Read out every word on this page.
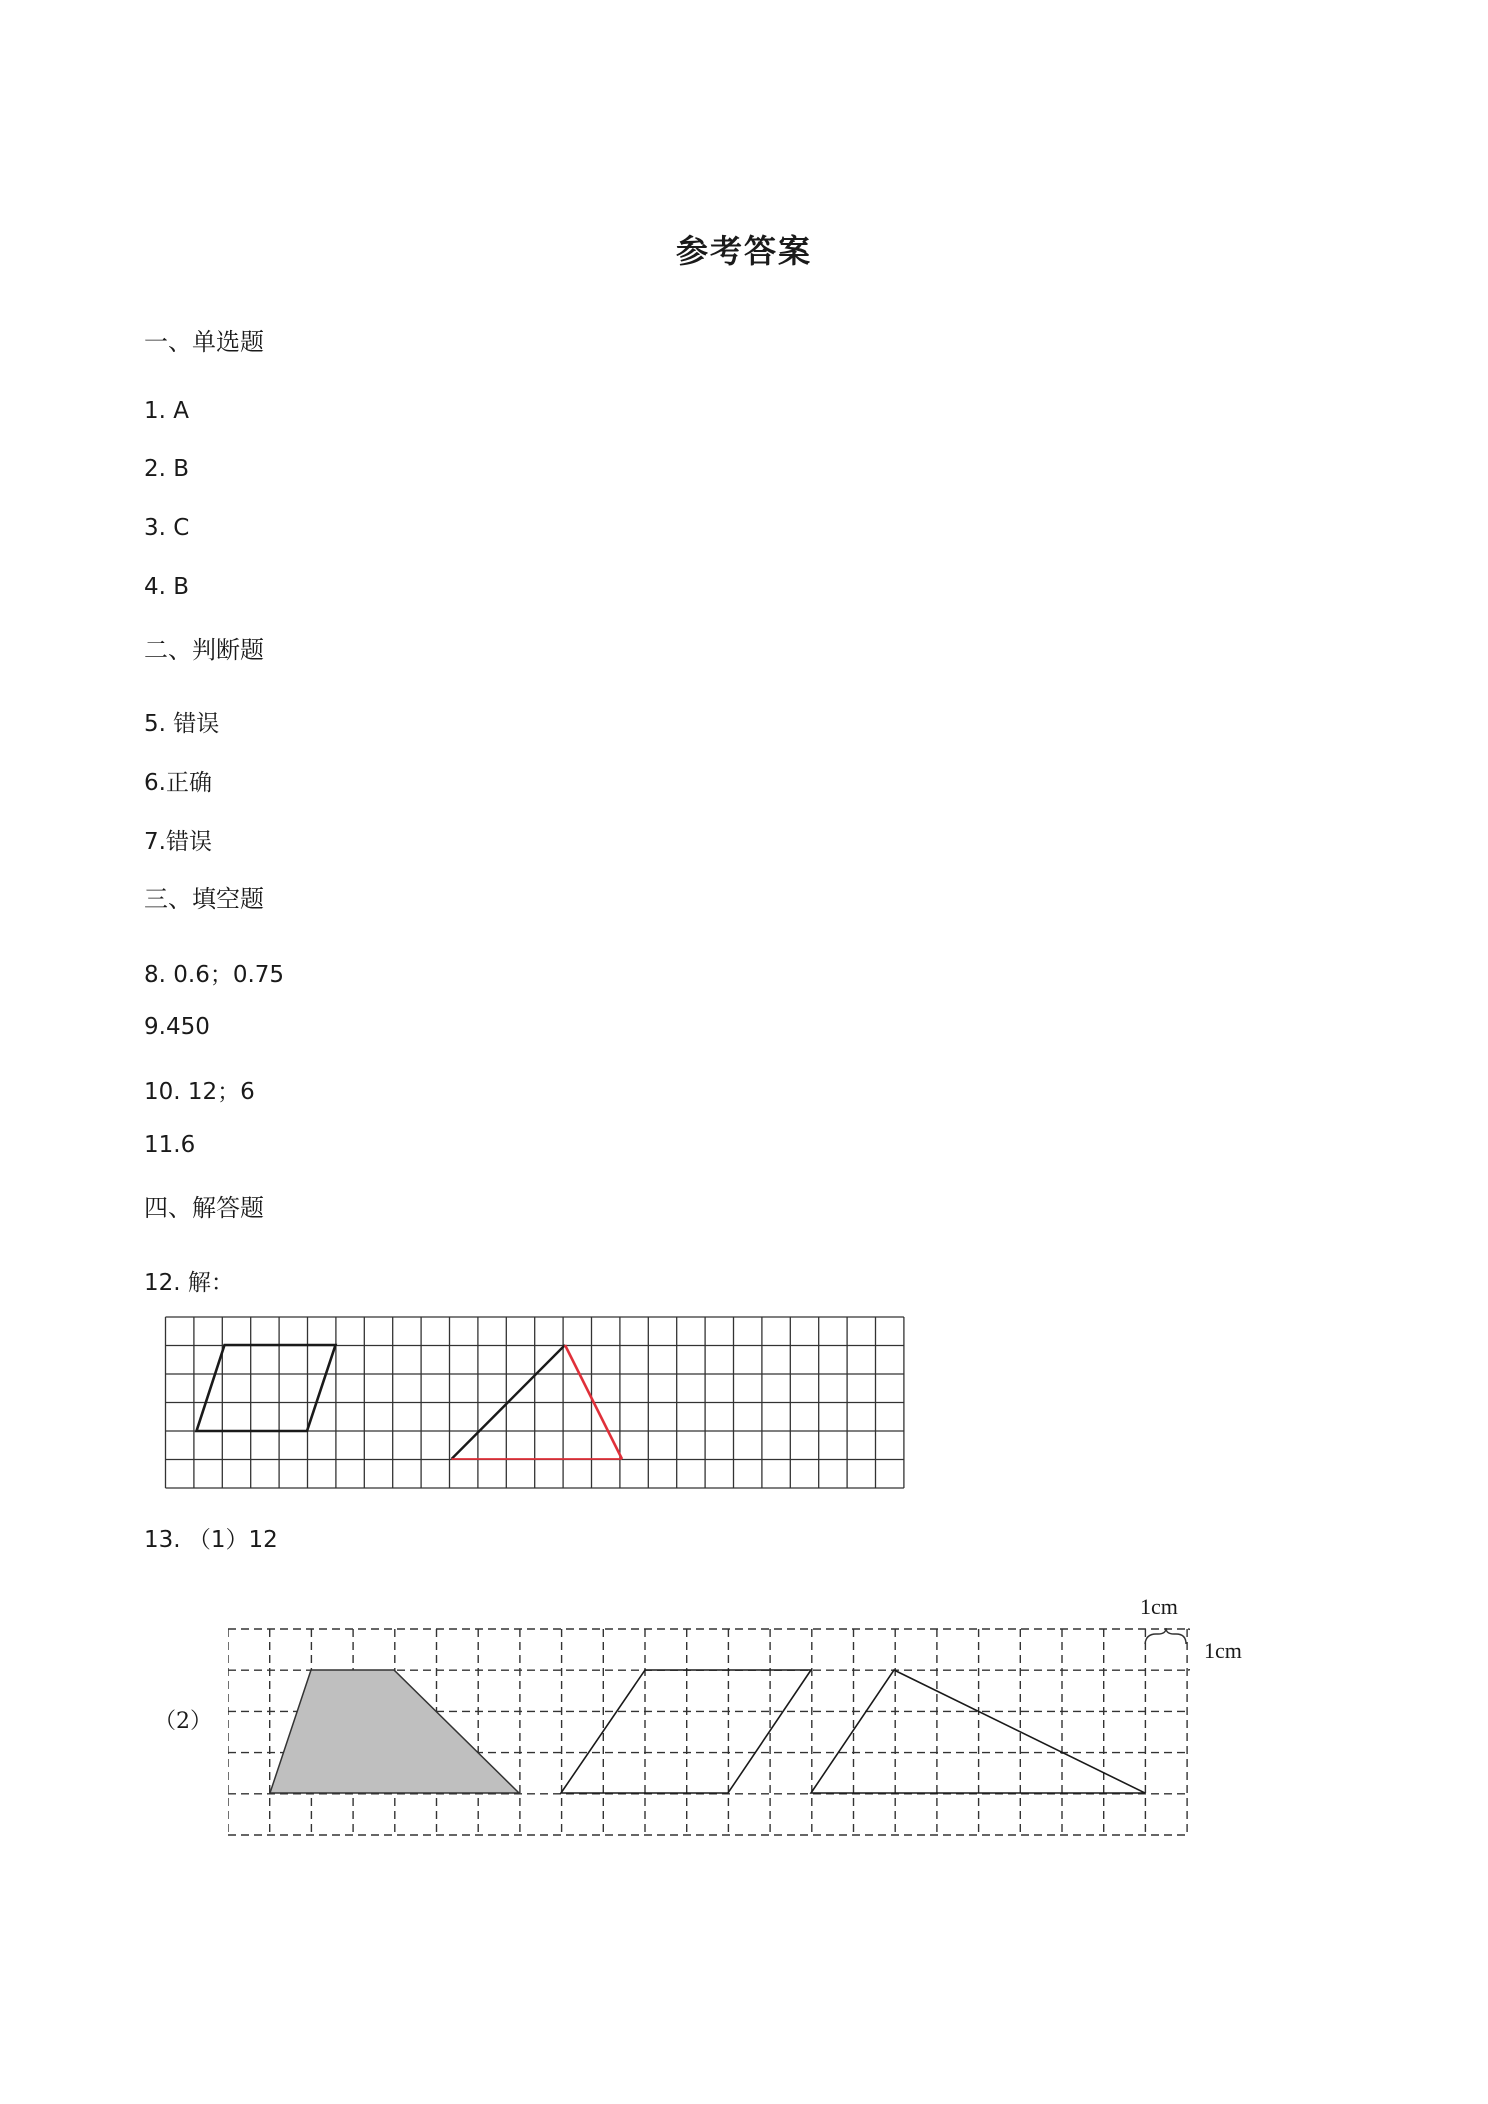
参考答案
一、单选题
1. A
2. B
3. C
4. B
二、判断题
5. 错误
6.正确
7.错误
三、填空题
8. 0.6；0.75
9.450
10. 12；6
11.6
四、解答题
12. 解：
13. （1）12
（2）
1cm
1cm
